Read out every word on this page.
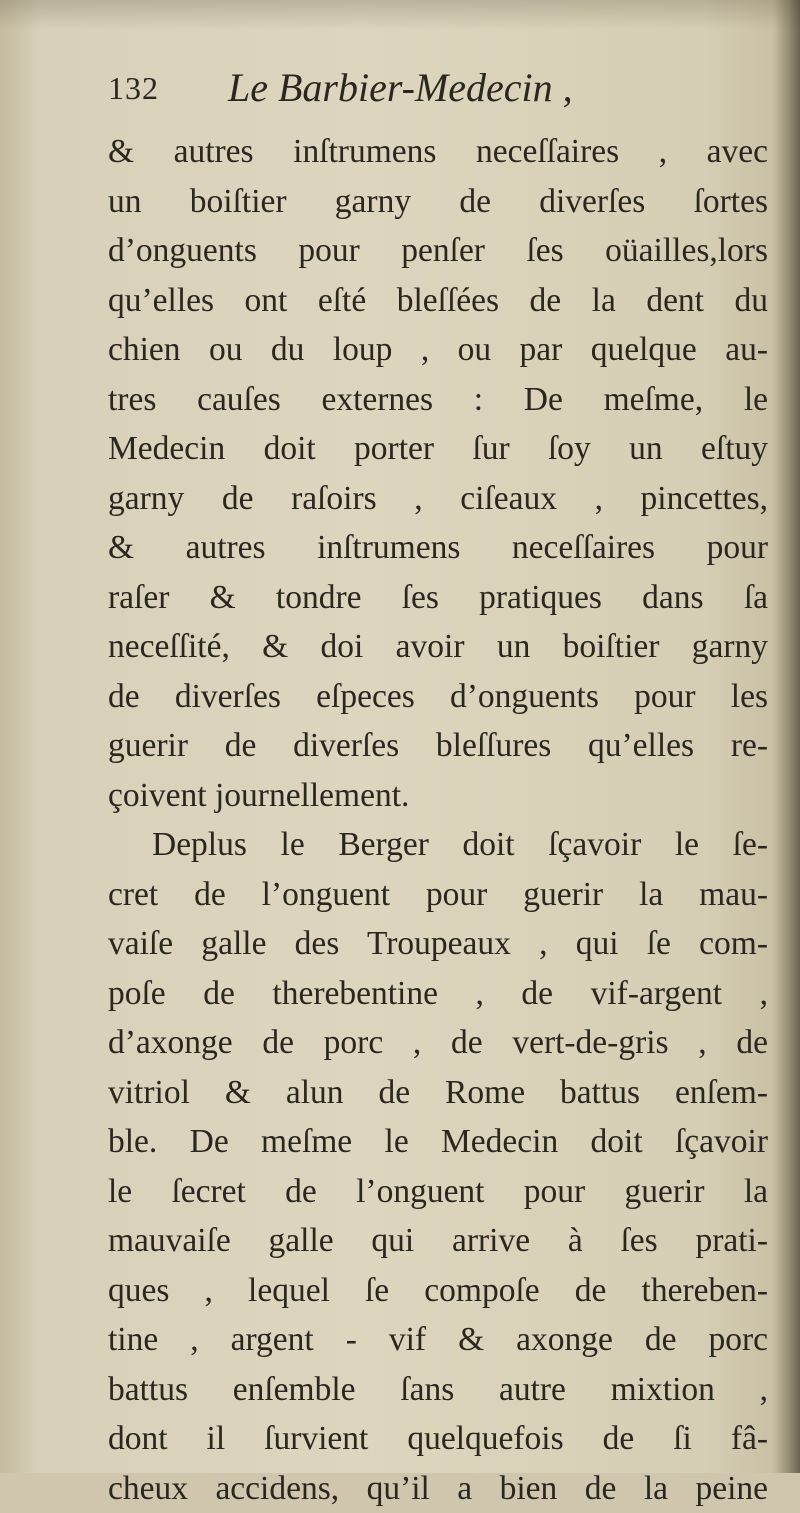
132 Le Barbier-Medecin ,
& autres inſtrumens neceſſaires , avec
un boiſtier garny de diverſes ſortes
d’onguents pour penſer ſes oüailles,lors
qu’elles ont eſté bleſſées de la dent du
chien ou du loup , ou par quelque au-
tres cauſes externes : De meſme, le
Medecin doit porter ſur ſoy un eſtuy
garny de raſoirs , ciſeaux , pincettes,
& autres inſtrumens neceſſaires pour
raſer & tondre ſes pratiques dans ſa
neceſſité, & doi avoir un boiſtier garny
de diverſes eſpeces d’onguents pour les
guerir de diverſes bleſſures qu’elles re-
çoivent journellement.
Deplus le Berger doit ſçavoir le ſe-
cret de l’onguent pour guerir la mau-
vaiſe galle des Troupeaux , qui ſe com-
poſe de therebentine , de vif-argent ,
d’axonge de porc , de vert-de-gris , de
vitriol & alun de Rome battus enſem-
ble. De meſme le Medecin doit ſçavoir
le ſecret de l’onguent pour guerir la
mauvaiſe galle qui arrive à ſes prati-
ques , lequel ſe compoſe de thereben-
tine , argent - vif & axonge de porc
battus enſemble ſans autre mixtion ,
dont il ſurvient quelquefois de ſi fâ-
cheux accidens, qu’il a bien de la peine
